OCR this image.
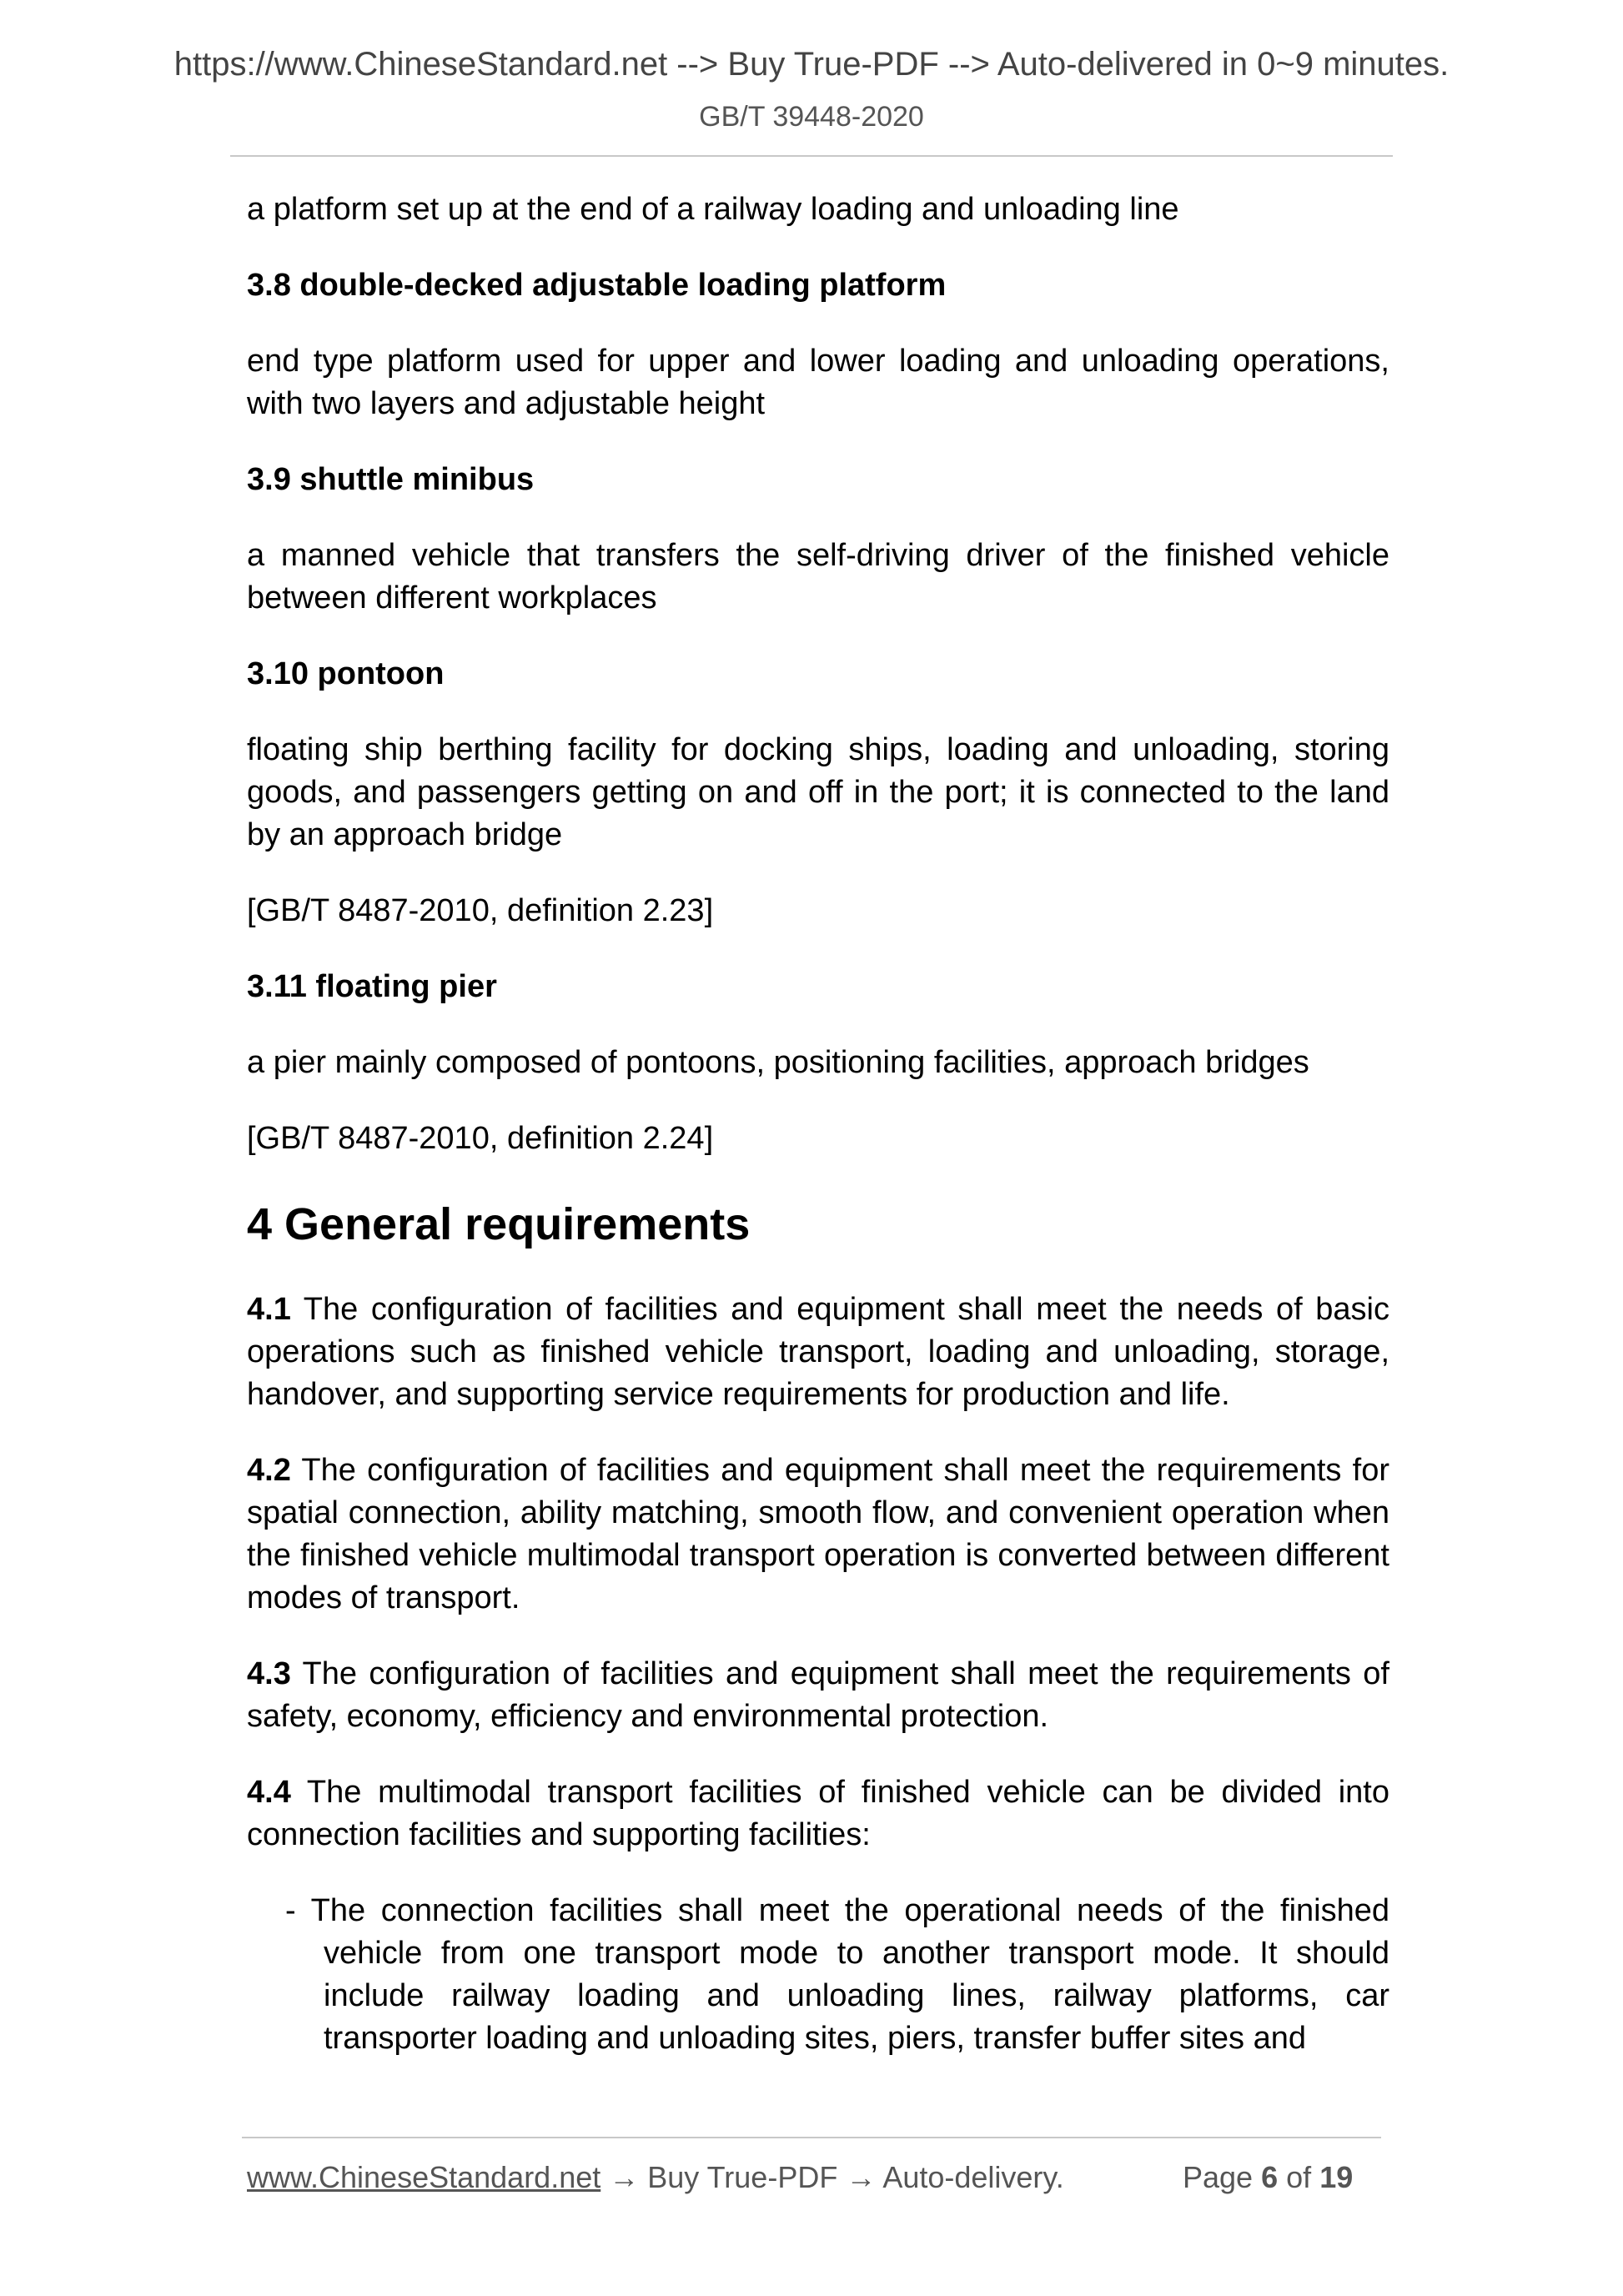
https://www.ChineseStandard.net --> Buy True-PDF --> Auto-delivered in 0~9 minutes.
GB/T 39448-2020

a platform set up at the end of a railway loading and unloading line

3.8 double-decked adjustable loading platform

end type platform used for upper and lower loading and unloading operations, with two layers and adjustable height

3.9 shuttle minibus

a manned vehicle that transfers the self-driving driver of the finished vehicle between different workplaces

3.10 pontoon

floating ship berthing facility for docking ships, loading and unloading, storing goods, and passengers getting on and off in the port; it is connected to the land by an approach bridge

[GB/T 8487-2010, definition 2.23]

3.11 floating pier

a pier mainly composed of pontoons, positioning facilities, approach bridges

[GB/T 8487-2010, definition 2.24]

4 General requirements

4.1 The configuration of facilities and equipment shall meet the needs of basic operations such as finished vehicle transport, loading and unloading, storage, handover, and supporting service requirements for production and life.

4.2 The configuration of facilities and equipment shall meet the requirements for spatial connection, ability matching, smooth flow, and convenient operation when the finished vehicle multimodal transport operation is converted between different modes of transport.

4.3 The configuration of facilities and equipment shall meet the requirements of safety, economy, efficiency and environmental protection.

4.4 The multimodal transport facilities of finished vehicle can be divided into connection facilities and supporting facilities:

- The connection facilities shall meet the operational needs of the finished vehicle from one transport mode to another transport mode. It should include railway loading and unloading lines, railway platforms, car transporter loading and unloading sites, piers, transfer buffer sites and

www.ChineseStandard.net → Buy True-PDF → Auto-delivery.	Page 6 of 19
